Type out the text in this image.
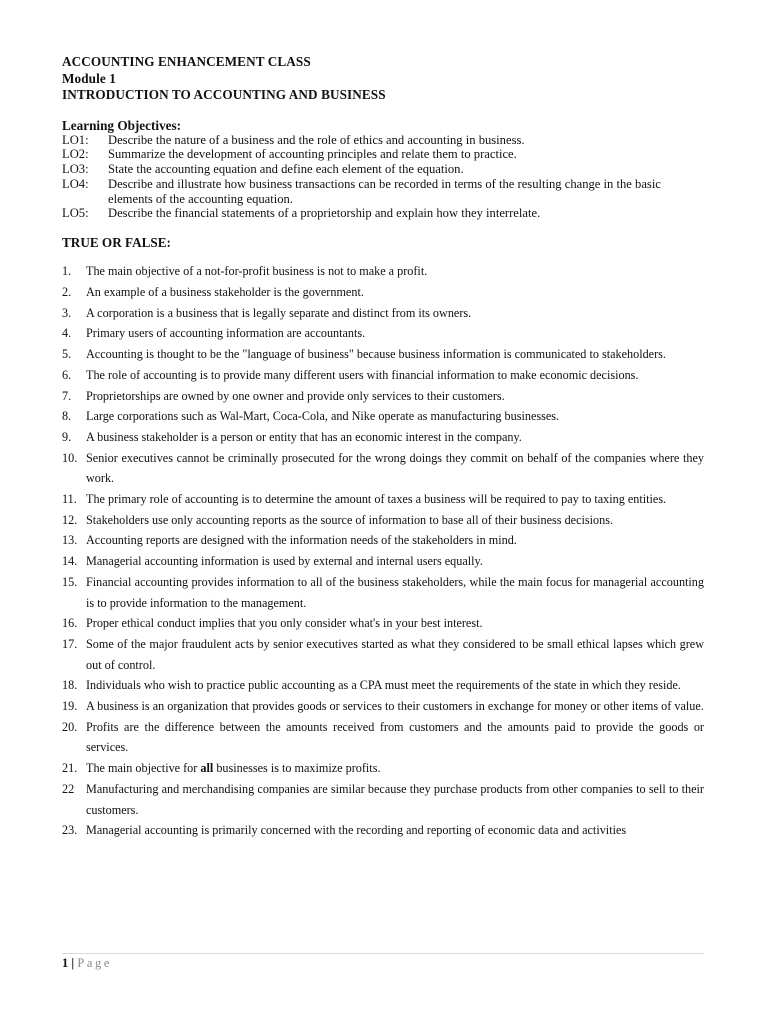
ACCOUNTING ENHANCEMENT CLASS
Module 1
INTRODUCTION TO ACCOUNTING AND BUSINESS
Learning Objectives:
LO1:	Describe the nature of a business and the role of ethics and accounting in business.
LO2:	Summarize the development of accounting principles and relate them to practice.
LO3:	State the accounting equation and define each element of the equation.
LO4:	Describe and illustrate how business transactions can be recorded in terms of the resulting change in the basic elements of the accounting equation.
LO5:	Describe the financial statements of a proprietorship and explain how they interrelate.
TRUE OR FALSE:
1.	The main objective of a not-for-profit business is not to make a profit.
2.	An example of a business stakeholder is the government.
3.	A corporation is a business that is legally separate and distinct from its owners.
4.	Primary users of accounting information are accountants.
5.	Accounting is thought to be the "language of business" because business information is communicated to stakeholders.
6.	The role of accounting is to provide many different users with financial information to make economic decisions.
7.	Proprietorships are owned by one owner and provide only services to their customers.
8.	Large corporations such as Wal-Mart, Coca-Cola, and Nike operate as manufacturing businesses.
9.	A business stakeholder is a person or entity that has an economic interest in the company.
10. Senior executives cannot be criminally prosecuted for the wrong doings they commit on behalf of the companies where they work.
11. The primary role of accounting is to determine the amount of taxes a business will be required to pay to taxing entities.
12. Stakeholders use only accounting reports as the source of information to base all of their business decisions.
13. Accounting reports are designed with the information needs of the stakeholders in mind.
14. Managerial accounting information is used by external and internal users equally.
15. Financial accounting provides information to all of the business stakeholders, while the main focus for managerial accounting is to provide information to the management.
16. Proper ethical conduct implies that you only consider what's in your best interest.
17. Some of the major fraudulent acts by senior executives started as what they considered to be small ethical lapses which grew out of control.
18. Individuals who wish to practice public accounting as a CPA must meet the requirements of the state in which they reside.
19. A business is an organization that provides goods or services to their customers in exchange for money or other items of value.
20. Profits are the difference between the amounts received from customers and the amounts paid to provide the goods or services.
21. The main objective for all businesses is to maximize profits.
22 Manufacturing and merchandising companies are similar because they purchase products from other companies to sell to their customers.
23. Managerial accounting is primarily concerned with the recording and reporting of economic data and activities
1 | Page
